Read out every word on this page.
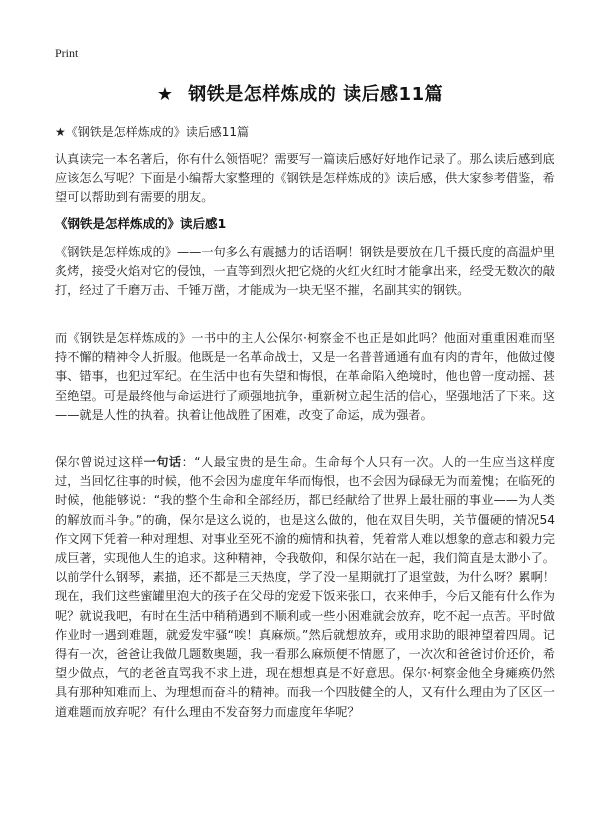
Print
★ 钢铁是怎样炼成的 读后感11篇
★《钢铁是怎样炼成的》读后感11篇
认真读完一本名著后，你有什么领悟呢？需要写一篇读后感好好地作记录了。那么读后感到底应该怎么写呢？下面是小编帮大家整理的《钢铁是怎样炼成的》读后感，供大家参考借鉴，希望可以帮助到有需要的朋友。
《钢铁是怎样炼成的》读后感1
《钢铁是怎样炼成的》——一句多么有震撼力的话语啊！钢铁是要放在几千摄氏度的高温炉里炙烤，接受火焰对它的侵蚀，一直等到烈火把它烧的火红火红时才能拿出来，经受无数次的敲打，经过了千磨万击、千锤万凿，才能成为一块无坚不摧，名副其实的钢铁。
而《钢铁是怎样炼成的》一书中的主人公保尔·柯察金不也正是如此吗？他面对重重困难而坚持不懈的精神令人折服。他既是一名革命战士，又是一名普普通通有血有肉的青年，他做过傻事、错事，也犯过军纪。在生活中也有失望和悔恨，在革命陷入绝境时，他也曾一度动摇、甚至绝望。可是最终他与命运进行了顽强地抗争，重新树立起生活的信心，坚强地活了下来。这——就是人性的执着。执着让他战胜了困难，改变了命运，成为强者。
保尔曾说过这样一句话：“人最宝贵的是生命。生命每个人只有一次。人的一生应当这样度过，当回忆往事的时候，他不会因为虚度年华而悔恨，也不会因为碌碌无为而羞愧；在临死的时候，他能够说：“我的整个生命和全部经历，都已经献给了世界上最壮丽的事业——为人类的解放而斗争。”的确，保尔是这么说的，也是这么做的，他在双目失明，关节僵硬的情况54作文网下凭着一种对理想、对事业至死不渝的痴情和执着，凭着常人难以想象的意志和毅力完成巨著，实现他人生的追求。这种精神，令我敬仰，和保尔站在一起，我们简直是太渺小了。以前学什么钢琴，素描，还不都是三天热度，学了没一星期就打了退堂鼓，为什么呀？累啊！现在，我们这些蜜罐里泡大的孩子在父母的宠爱下饭来张口，衣来伸手，今后又能有什么作为呢？就说我吧，有时在生活中稍稍遇到不顺利或一些小困难就会放弃，吃不起一点苦。平时做作业时一遇到难题，就爱发牢骚“唉！真麻烦。”然后就想放弃，或用求助的眼神望着四周。记得有一次，爸爸让我做几题数奥题，我一看那么麻烦便不情愿了，一次次和爸爸讨价还价，希望少做点，气的老爸直骂我不求上进，现在想想真是不好意思。保尔·柯察金他全身瘫痪仍然具有那种知难而上、为理想而奋斗的精神。而我一个四肢健全的人，又有什么理由为了区区一道难题而放弃呢？有什么理由不发奋努力而虚度年华呢？
